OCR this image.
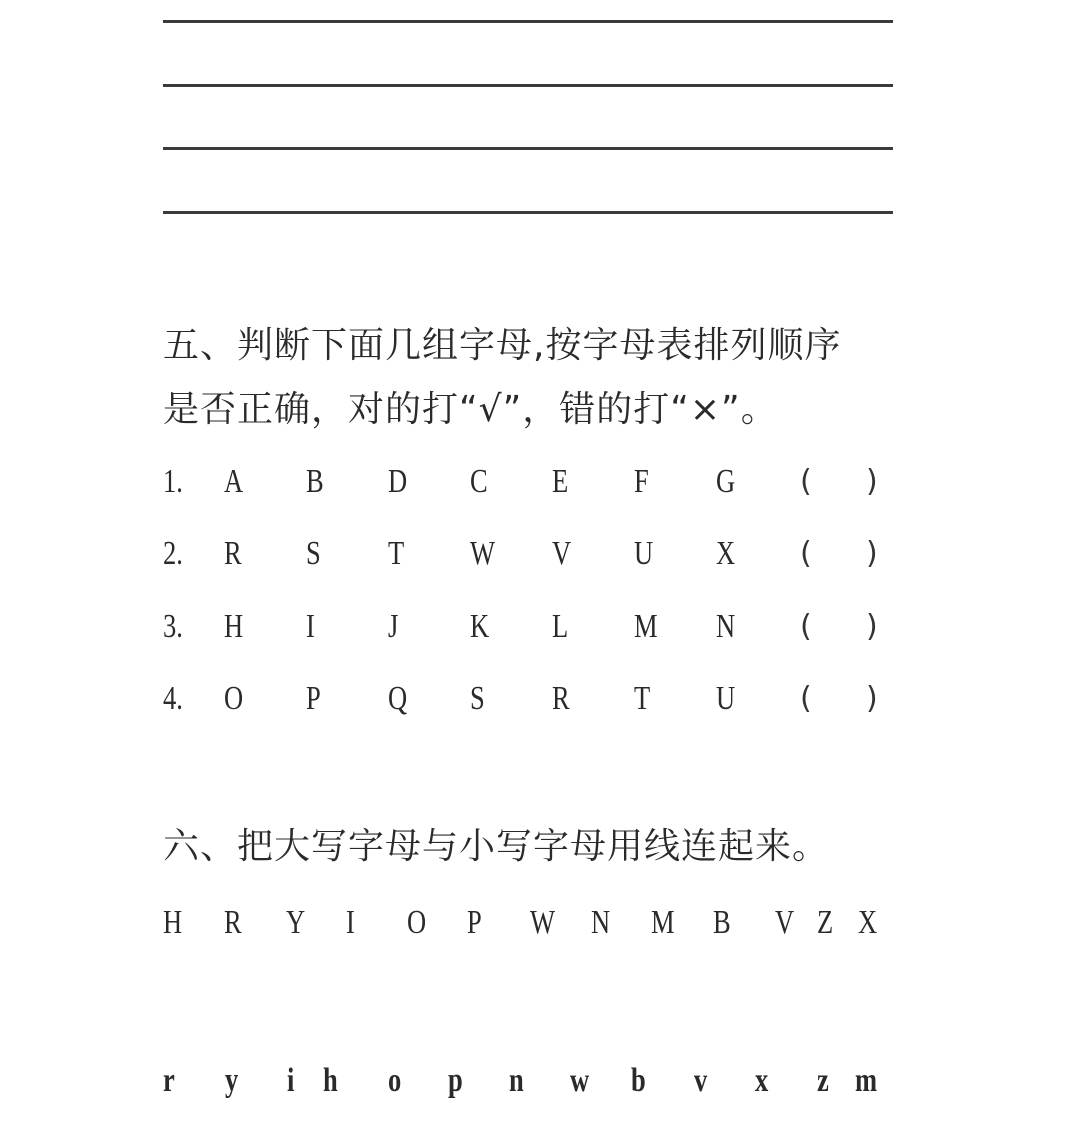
五、判断下面几组字母,按字母表排列顺序
是否正确，对的打“√”，错的打“×”。
1. A B D C E F G ( )
2. R S T W V U X ( )
3. H I J K L M N ( )
4. O P Q S R T U ( )
六、把大写字母与小写字母用线连起来。
H R Y I O P W N M B V Z X
r y i h o p n w b v x z m
